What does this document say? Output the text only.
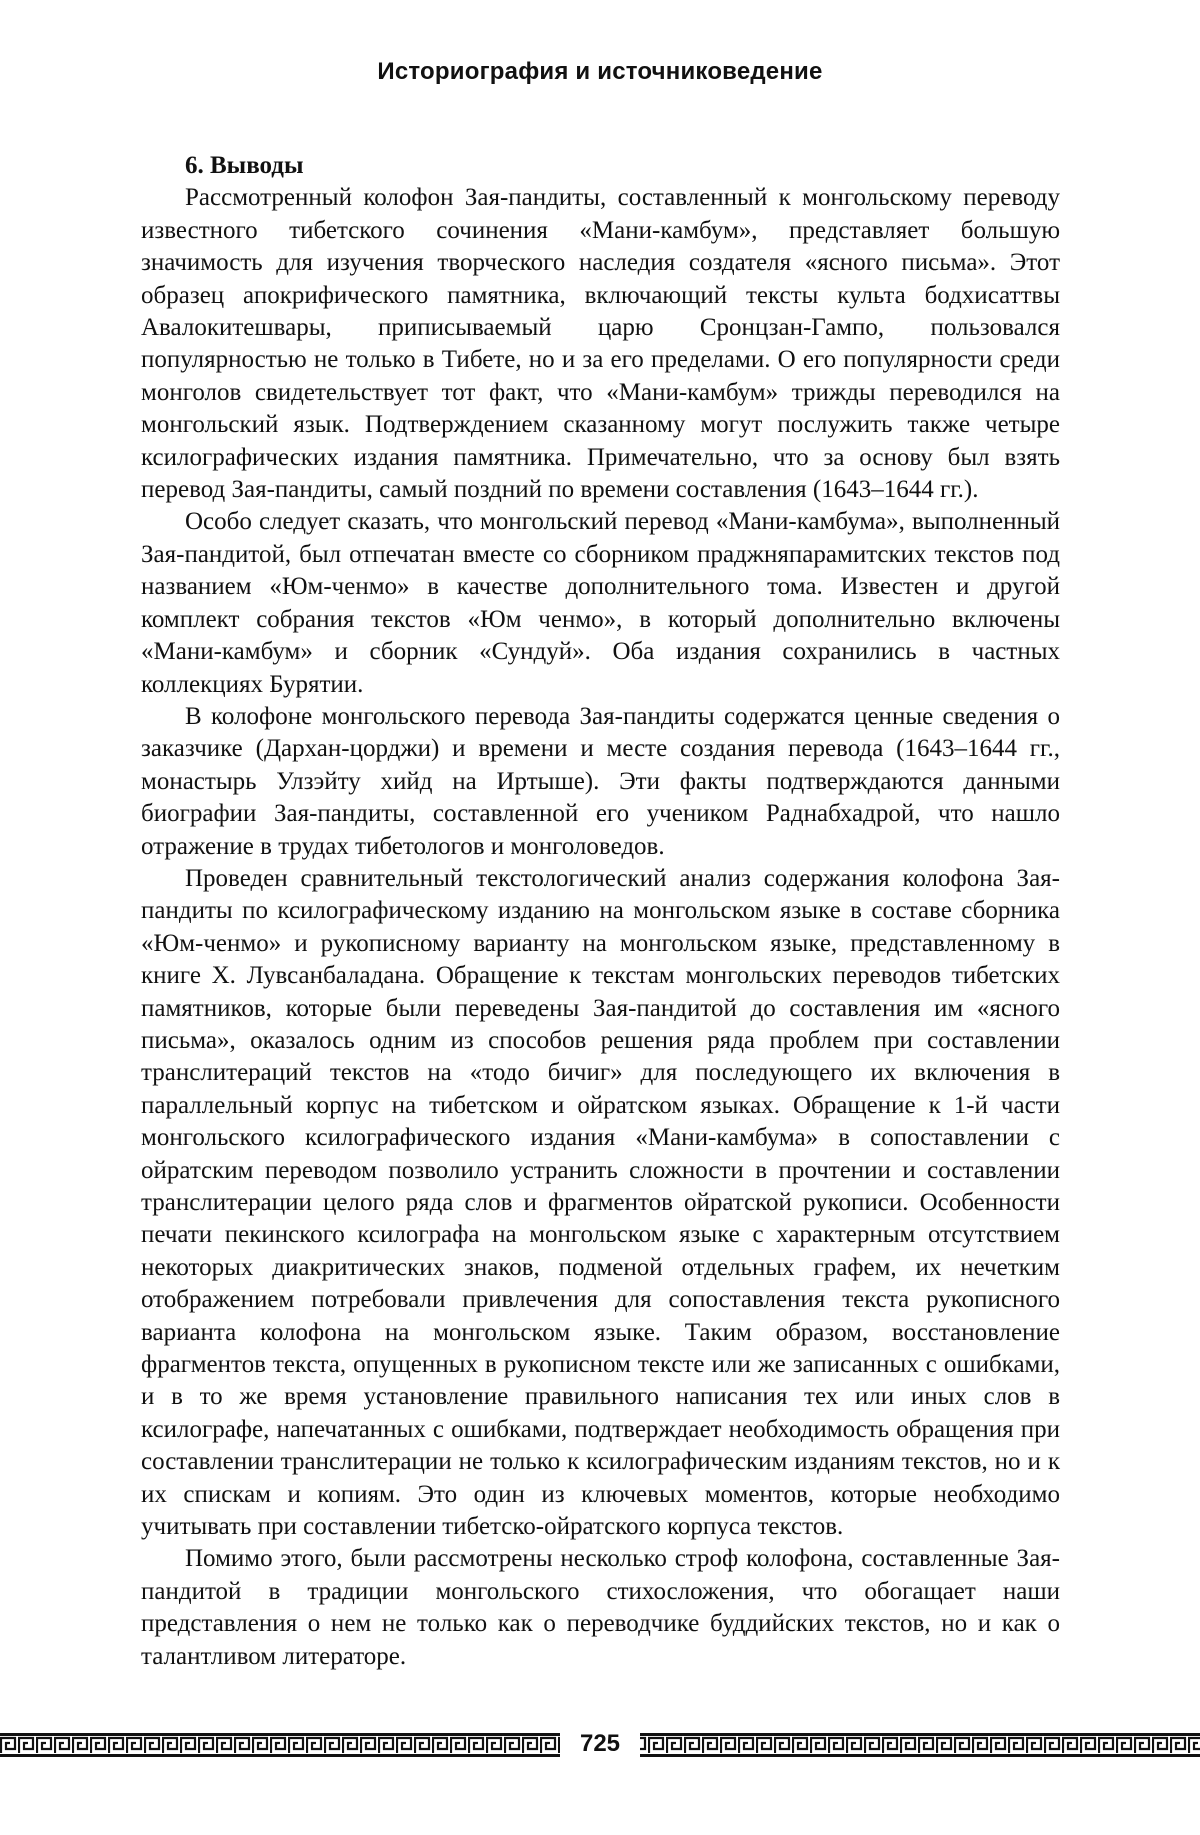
Историография и источниковедение
6. Выводы

Рассмотренный колофон Зая-пандиты, составленный к монгольскому переводу известного тибетского сочинения «Мани-камбум», представляет большую значимость для изучения творческого наследия создателя «ясного письма». Этот образец апокрифического памятника, включающий тексты культа бодхисаттвы Авалокитешвары, приписываемый царю Сронцзан-Гампо, пользовался популярностью не только в Тибете, но и за его пределами. О его популярности среди монголов свидетельствует тот факт, что «Мани-камбум» трижды переводился на монгольский язык. Подтверждением сказанному могут послужить также четыре ксилографических издания памятника. Примечательно, что за основу был взять перевод Зая-пандиты, самый поздний по времени составления (1643–1644 гг.).

Особо следует сказать, что монгольский перевод «Мани-камбума», выполненный Зая-пандитой, был отпечатан вместе со сборником праджняпарамитских текстов под названием «Юм-ченмо» в качестве дополнительного тома. Известен и другой комплект собрания текстов «Юм ченмо», в который дополнительно включены «Мани-камбум» и сборник «Сундуй». Оба издания сохранились в частных коллекциях Бурятии.

В колофоне монгольского перевода Зая-пандиты содержатся ценные сведения о заказчике (Дархан-цорджи) и времени и месте создания перевода (1643–1644 гг., монастырь Улзэйту хийд на Иртыше). Эти факты подтверждаются данными биографии Зая-пандиты, составленной его учеником Раднабхадрой, что нашло отражение в трудах тибетологов и монголоведов.

Проведен сравнительный текстологический анализ содержания колофона Зая-пандиты по ксилографическому изданию на монгольском языке в составе сборника «Юм-ченмо» и рукописному варианту на монгольском языке, представленному в книге Х. Лувсанбаладана. Обращение к текстам монгольских переводов тибетских памятников, которые были переведены Зая-пандитой до составления им «ясного письма», оказалось одним из способов решения ряда проблем при составлении транслитераций текстов на «тодо бичиг» для последующего их включения в параллельный корпус на тибетском и ойратском языках. Обращение к 1-й части монгольского ксилографического издания «Мани-камбума» в сопоставлении с ойратским переводом позволило устранить сложности в прочтении и составлении транслитерации целого ряда слов и фрагментов ойратской рукописи. Особенности печати пекинского ксилографа на монгольском языке с характерным отсутствием некоторых диакритических знаков, подменой отдельных графем, их нечетким отображением потребовали привлечения для сопоставления текста рукописного варианта колофона на монгольском языке. Таким образом, восстановление фрагментов текста, опущенных в рукописном тексте или же записанных с ошибками, и в то же время установление правильного написания тех или иных слов в ксилографе, напечатанных с ошибками, подтверждает необходимость обращения при составлении транслитерации не только к ксилографическим изданиям текстов, но и к их спискам и копиям. Это один из ключевых моментов, которые необходимо учитывать при составлении тибетско-ойратского корпуса текстов.

Помимо этого, были рассмотрены несколько строф колофона, составленные Зая-пандитой в традиции монгольского стихосложения, что обогащает наши представления о нем не только как о переводчике буддийских текстов, но и как о талантливом литераторе.

725
